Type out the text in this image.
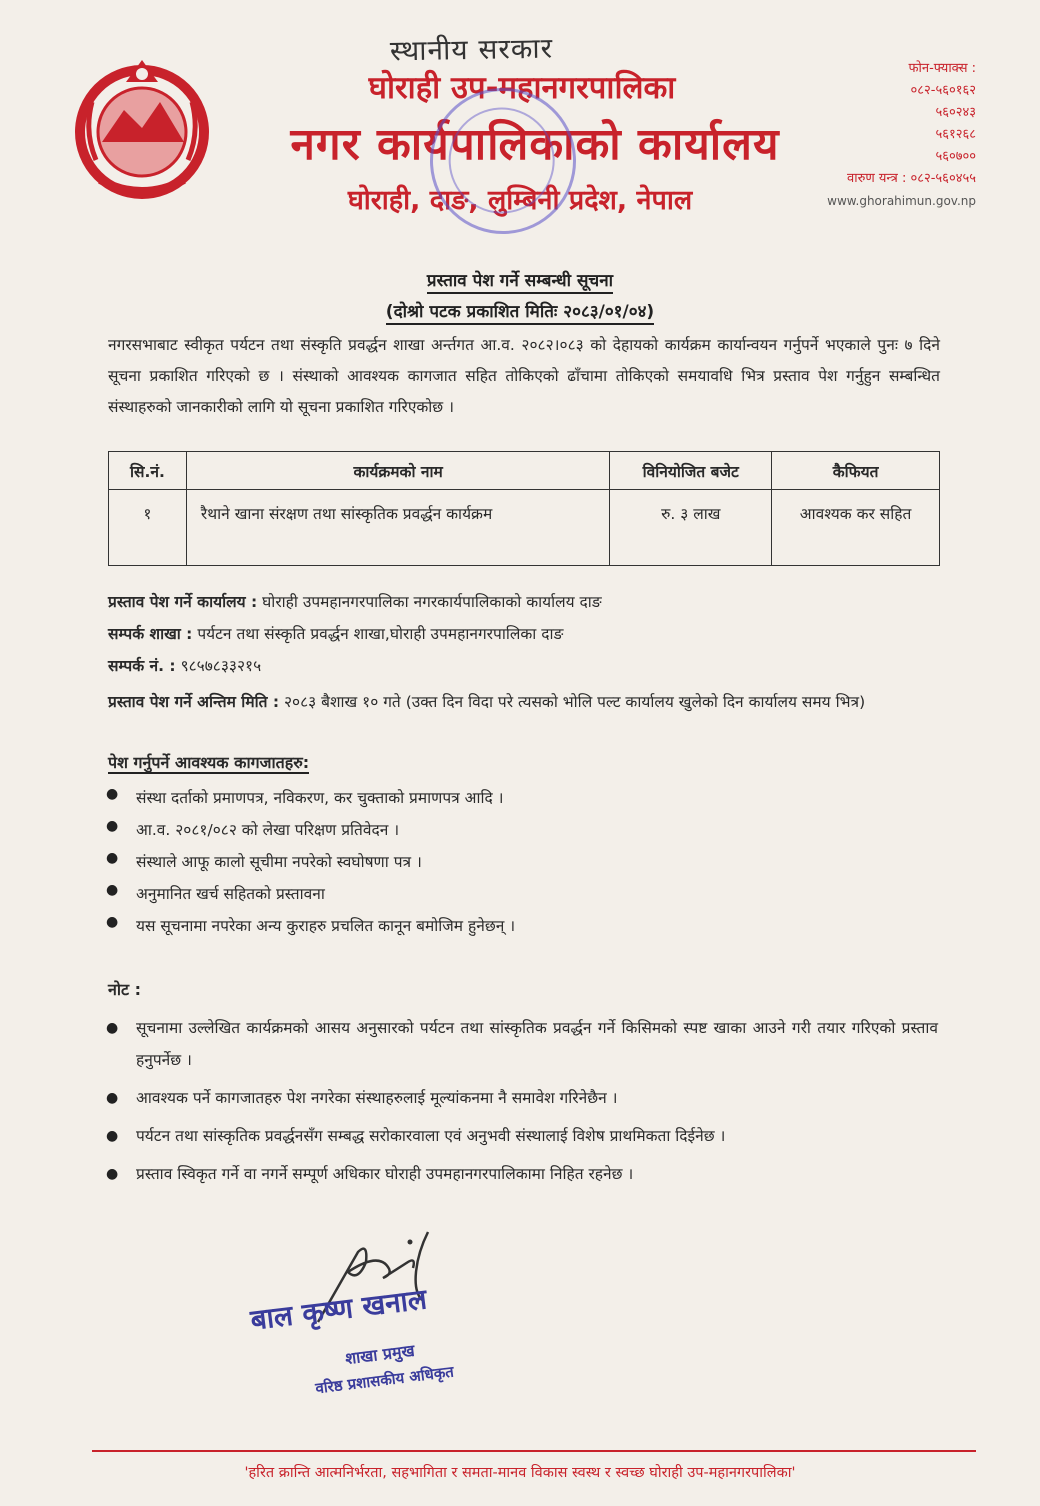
स्थानीय सरकार
घोराही उप-महानगरपालिका
नगर कार्यपालिकाको कार्यालय
घोराही, दाङ, लुम्बिनी प्रदेश, नेपाल
फोन-फ्याक्स :
०८२-५६०१६२
५६०२४३
५६१२६८
५६०७००
वारुण यन्त्र : ०८२-५६०४५५
www.ghorahimun.gov.np
प्रस्ताव पेश गर्ने सम्बन्धी सूचना
(दोश्रो पटक प्रकाशित मितिः २०८३/०१/०४)
नगरसभाबाट स्वीकृत पर्यटन तथा संस्कृति प्रवर्द्धन शाखा अर्न्तगत आ.व. २०८२।०८३ को देहायको कार्यक्रम कार्यान्वयन गर्नुपर्ने भएकाले पुनः ७ दिने सूचना प्रकाशित गरिएको छ । संस्थाको आवश्यक कागजात सहित तोकिएको ढाँचामा तोकिएको समयावधि भित्र प्रस्ताव पेश गर्नुहुन सम्बन्धित संस्थाहरुको जानकारीको लागि यो सूचना प्रकाशित गरिएकोछ ।
सि.नं.	कार्यक्रमको नाम	विनियोजित बजेट	कैफियत
१	रैथाने खाना संरक्षण तथा सांस्कृतिक प्रवर्द्धन कार्यक्रम	रु. ३ लाख	आवश्यक कर सहित
प्रस्ताव पेश गर्ने कार्यालय : घोराही उपमहानगरपालिका नगरकार्यपालिकाको कार्यालय दाङ
सम्पर्क शाखा : पर्यटन तथा संस्कृति प्रवर्द्धन शाखा,घोराही उपमहानगरपालिका दाङ
सम्पर्क नं. : ९८५७८३३२१५
प्रस्ताव पेश गर्ने अन्तिम मिति : २०८३ बैशाख १० गते (उक्त दिन विदा परे त्यसको भोलि पल्ट कार्यालय खुलेको दिन कार्यालय समय भित्र)
पेश गर्नुपर्ने आवश्यक कागजातहरु:
● संस्था दर्ताको प्रमाणपत्र, नविकरण, कर चुक्ताको प्रमाणपत्र आदि ।
● आ.व. २०८१/०८२ को लेखा परिक्षण प्रतिवेदन ।
● संस्थाले आफू कालो सूचीमा नपरेको स्वघोषणा पत्र ।
● अनुमानित खर्च सहितको प्रस्तावना
● यस सूचनामा नपरेका अन्य कुराहरु प्रचलित कानून बमोजिम हुनेछन् ।
नोट :
● सूचनामा उल्लेखित कार्यक्रमको आसय अनुसारको पर्यटन तथा सांस्कृतिक प्रवर्द्धन गर्ने किसिमको स्पष्ट खाका आउने गरी तयार गरिएको प्रस्ताव हनुपर्नेछ ।
● आवश्यक पर्ने कागजातहरु पेश नगरेका संस्थाहरुलाई मूल्यांकनमा नै समावेश गरिनेछैन ।
● पर्यटन तथा सांस्कृतिक प्रवर्द्धनसँग सम्बद्ध सरोकारवाला एवं अनुभवी संस्थालाई विशेष प्राथमिकता दिईनेछ ।
● प्रस्ताव स्विकृत गर्ने वा नगर्ने सम्पूर्ण अधिकार घोराही उपमहानगरपालिकामा निहित रहनेछ ।
बाल कृष्ण खनाल
शाखा प्रमुख
वरिष्ठ प्रशासकीय अधिकृत
'हरित क्रान्ति आत्मनिर्भरता, सहभागिता र समता-मानव विकास स्वस्थ र स्वच्छ घोराही उप-महानगरपालिका'
